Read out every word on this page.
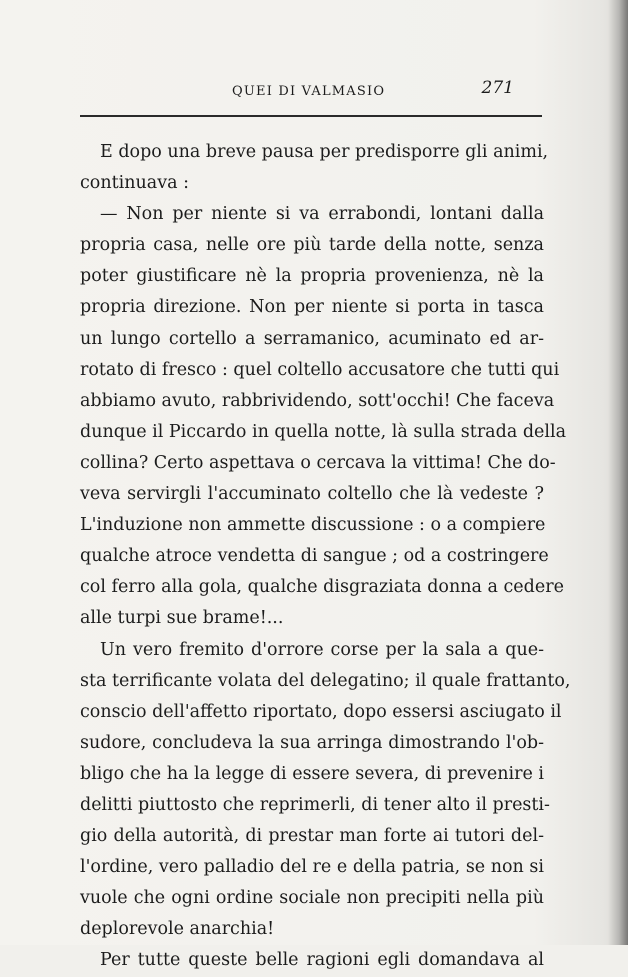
QUEI DI VALMASIO	271
E dopo una breve pausa per predisporre gli animi,
continuava :
— Non per niente si va errabondi, lontani dalla
propria casa, nelle ore più tarde della notte, senza
poter giustificare nè la propria provenienza, nè la
propria direzione. Non per niente si porta in tasca
un lungo cortello a serramanico, acuminato ed ar-
rotato di fresco : quel coltello accusatore che tutti qui
abbiamo avuto, rabbrividendo, sott'occhi! Che faceva
dunque il Piccardo in quella notte, là sulla strada della
collina? Certo aspettava o cercava la vittima! Che do-
veva servirgli l'accuminato coltello che là vedeste ?
L'induzione non ammette discussione : o a compiere
qualche atroce vendetta di sangue ; od a costringere
col ferro alla gola, qualche disgraziata donna a cedere
alle turpi sue brame!...
Un vero fremito d'orrore corse per la sala a que-
sta terrificante volata del delegatino; il quale frattanto,
conscio dell'affetto riportato, dopo essersi asciugato il
sudore, concludeva la sua arringa dimostrando l'ob-
bligo che ha la legge di essere severa, di prevenire i
delitti piuttosto che reprimerli, di tener alto il presti-
gio della autorità, di prestar man forte ai tutori del-
l'ordine, vero palladio del re e della patria, se non si
vuole che ogni ordine sociale non precipiti nella più
deplorevole anarchia!
Per tutte queste belle ragioni egli domandava al
